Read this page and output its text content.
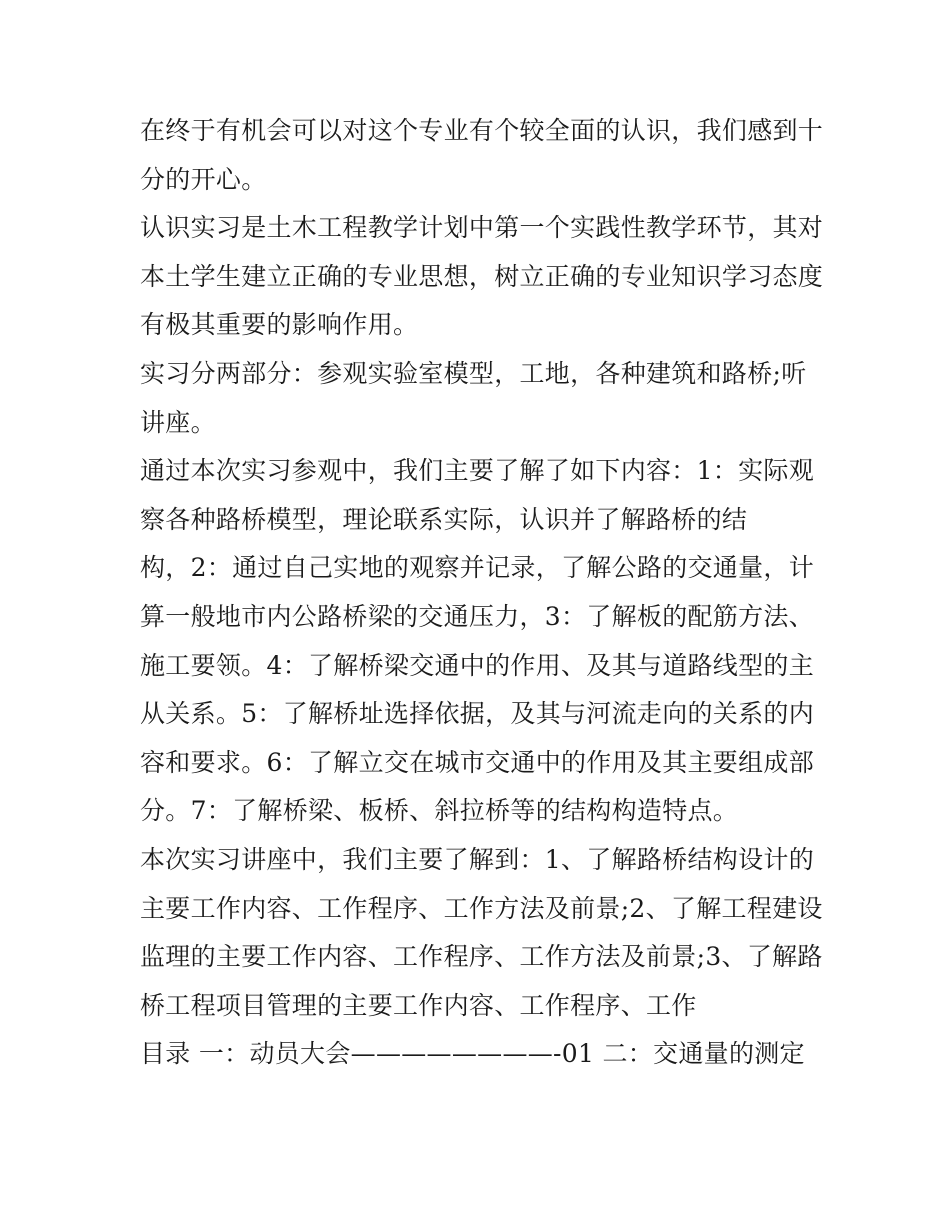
在终于有机会可以对这个专业有个较全面的认识，我们感到十
分的开心。
认识实习是土木工程教学计划中第一个实践性教学环节，其对
本土学生建立正确的专业思想，树立正确的专业知识学习态度
有极其重要的影响作用。
实习分两部分：参观实验室模型，工地，各种建筑和路桥;听
讲座。
通过本次实习参观中，我们主要了解了如下内容：1：实际观
察各种路桥模型，理论联系实际，认识并了解路桥的结
构，2：通过自己实地的观察并记录，了解公路的交通量，计
算一般地市内公路桥梁的交通压力，3：了解板的配筋方法、
施工要领。4：了解桥梁交通中的作用、及其与道路线型的主
从关系。5：了解桥址选择依据，及其与河流走向的关系的内
容和要求。6：了解立交在城市交通中的作用及其主要组成部
分。7：了解桥梁、板桥、斜拉桥等的结构构造特点。
本次实习讲座中，我们主要了解到：1、了解路桥结构设计的
主要工作内容、工作程序、工作方法及前景;2、了解工程建设
监理的主要工作内容、工作程序、工作方法及前景;3、了解路
桥工程项目管理的主要工作内容、工作程序、工作
目录 一：动员大会————————-01 二：交通量的测定
